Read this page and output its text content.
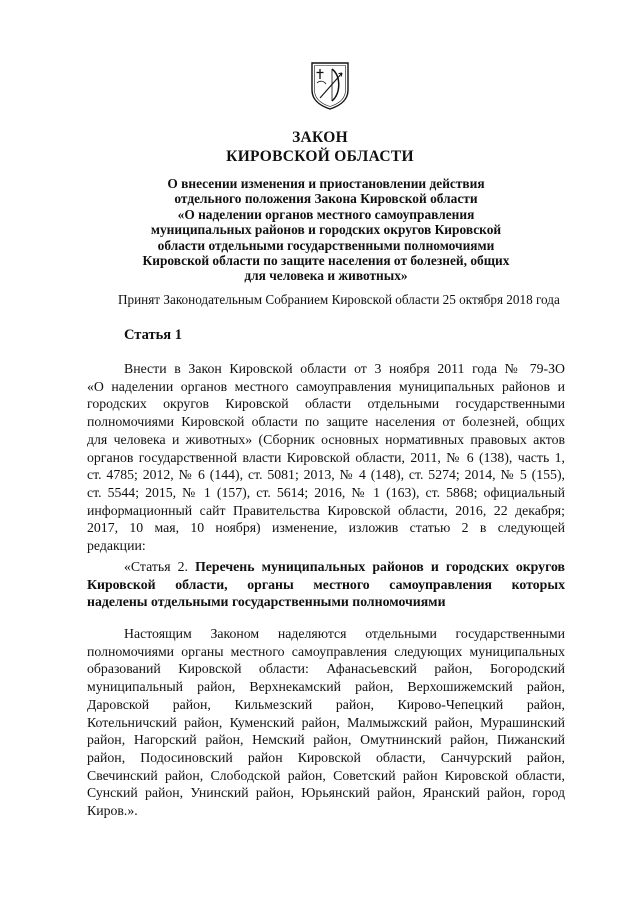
ЗАКОН

КИРОВСКОЙ ОБЛАСТИ

О внесении изменения и приостановлении действия
отдельного положения Закона Кировской области
«О наделении органов местного самоуправления
муниципальных районов и городских округов Кировской
области отдельными государственными полномочиями
Кировской области по защите населения от болезней, общих
для человека и животных»

Принят Законодательным Собранием Кировской области 25 октября 2018 года

Статья 1

Внести в Закон Кировской области от 3 ноября 2011 года № 79-ЗО
«О наделении органов местного самоуправления муниципальных районов и
городских округов Кировской области отдельными государственными
полномочиями Кировской области по защите населения от болезней, общих
для человека и животных» (Сборник основных нормативных правовых актов
органов государственной власти Кировской области, 2011, № 6 (138), часть 1,
ст. 4785; 2012, № 6 (144), ст. 5081; 2013, № 4 (148), ст. 5274; 2014, № 5 (155),
ст. 5544; 2015, № 1 (157), ст. 5614; 2016, № 1 (163), ст. 5868; официальный
информационный сайт Правительства Кировской области, 2016, 22 декабря;
2017, 10 мая, 10 ноября) изменение, изложив статью 2 в следующей
редакции:

«Статья 2. Перечень муниципальных районов и городских округов
Кировской области, органы местного самоуправления которых
наделены отдельными государственными полномочиями

Настоящим Законом наделяются отдельными государственными
полномочиями органы местного самоуправления следующих муниципальных
образований Кировской области: Афанасьевский район, Богородский
муниципальный район, Верхнекамский район, Верхошижемский район,
Даровской район, Кильмезский район, Кирово-Чепецкий район,
Котельничский район, Куменский район, Малмыжский район, Мурашинский
район, Нагорский район, Немский район, Омутнинский район, Пижанский
район, Подосиновский район Кировской области, Санчурский район,
Свечинский район, Слободской район, Советский район Кировской области,
Сунский район, Унинский район, Юрьянский район, Яранский район, город
Киров.».
